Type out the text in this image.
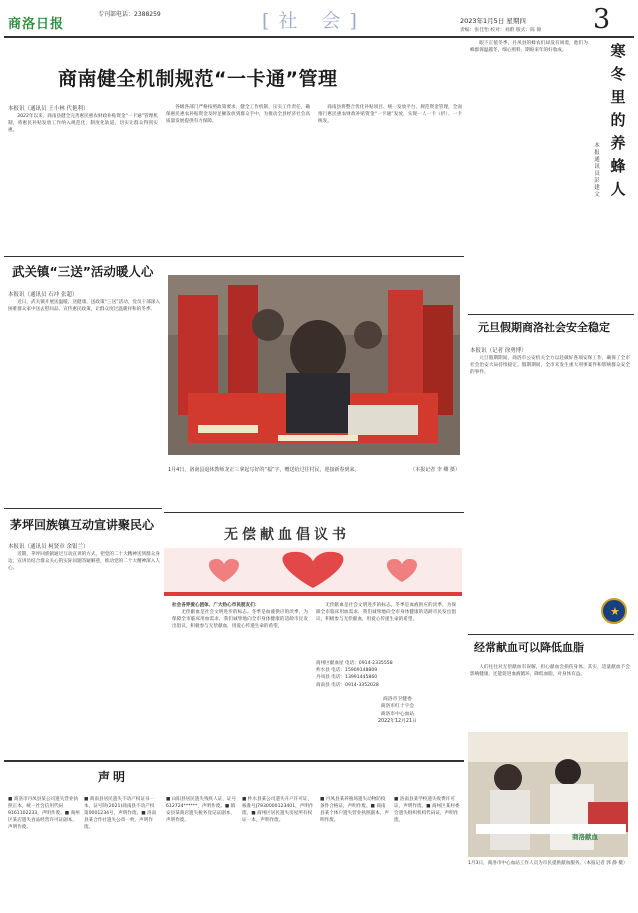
商洛日报
专刊部电话：2388259	[社 会]	2023年1月5日 星期四
责编：张佳怡 校对：刘蔚 版式：陈 锦 3
商南健全机制规范“一卡通”管理
本报讯（通讯员 王小林 代艳利）

2022年以来，商南县健全完善惠民惠农财政补贴资金“一卡通”管理机制，将惠民补贴发放工作纳入规范化、制度化轨道，切实让群众得到实惠。

各级各部门严格按照政策要求，健全工作机制，压实工作责任，确保惠民惠农补贴资金及时足额发放到群众手中，为推动全县经济社会高质量发展提供有力保障。

商南县将整合优化补贴项目、统一发放平台、规范资金管理，全面推行惠民惠农财政补贴资金“一卡通”发放，实现一人一卡（折）、一卡统发。

武关镇“三送”活动暖人心
本报讯（通讯员 石冲 张超）

近日，武关镇开展送温暖、送健康、送政策“三送”活动，党员干部深入困难群众家中送去慰问品，宣传惠民政策，让群众度过温暖祥和的冬季。

1月4日，洛南县退休教师龙正三拿起写好的“福”字，赠送给过往村民，迎接新春到来。	（本报记者 李 卿 摄）
茅坪回族镇互动宣讲聚民心
本报讯（通讯员 柯贤章 余银兰）

近期，茅坪回族镇通过互动宣讲的方式，把党的二十大精神送到群众身边，宣讲员结合群众关心的实际问题答疑解惑，推动党的二十大精神深入人心。

无偿献血倡议书
社会各界爱心团体、广大热心市民朋友们：

无偿献血是社会文明进步的标志。冬季是血液供应的淡季，为保障全市临床用血需求，我们诚挚地向全市身体健康的适龄市民发出倡议，积极参与无偿献血，用爱心传递生命的希望。

无偿献血是社会文明进步的标志。冬季是血液供应的淡季，为保障全市临床用血需求，我们诚挚地向全市身体健康的适龄市民发出倡议，积极参与无偿献血，用爱心传递生命的希望。

商州区献血屋 电话：0914-2335558
柞水县 电话：15909148809
丹凤县 电话：13991445860
商南县 电话：0914-3352028
商洛市卫健委
商洛市红十字会
商洛市中心血站
2022年12月21日

眼下正值冬季，丹凤县的蜂农们却没有闲着，他们为蜂群保温越冬，细心照料，期盼来年的好收成。	寒冬里的养蜂人
本报通讯员 彭建文
元旦假期商洛社会安全稳定
本报讯（记者 徐勇博）

元旦假期期间，商洛市公安机关全力以赴做好各项安保工作，确保了全市社会治安大局持续稳定。假期期间，全市未发生重大刑事案件和影响群众安全的事件。

★
经常献血可以降低血脂

人们往往对无偿献血有误解，担心献血会损伤身体。其实，适量献血不会影响健康，还能促进血液循环，降低血脂，对身体有益。

商洛献血
1月3日，商洛市中心血站工作人员为市民提供献血服务。（本报记者 郭 静 摄）
声明
■ 商洛市丹凤县某公司遗失营业执照正本，统一社会信用代码9161102233，声明作废。■ 商州区某店遗失食品经营许可证副本，声明作废。
■ 商南县居民遗失不动产权证书一本，证号陕(2021)商南县不动产权第0001234号，声明作废。■ 洛南县某合作社遗失公章一枚，声明作废。
■ 山阳县居民遗失残疾人证，证号612724******，声明作废。■ 镇安县某商店遗失税务登记证副本，声明作废。
■ 柞水县某公司遗失开户许可证，核准号J7930000123401，声明作废。■ 商州区居民遗失房屋所有权证一本，声明作废。
■ 丹凤县某养殖场遗失动物防疫条件合格证，声明作废。■ 商南县某个体户遗失营业执照副本，声明作废。
■ 洛南县某学校遗失收费许可证，声明作废。■ 商州区某村委会遗失组织机构代码证，声明作废。
